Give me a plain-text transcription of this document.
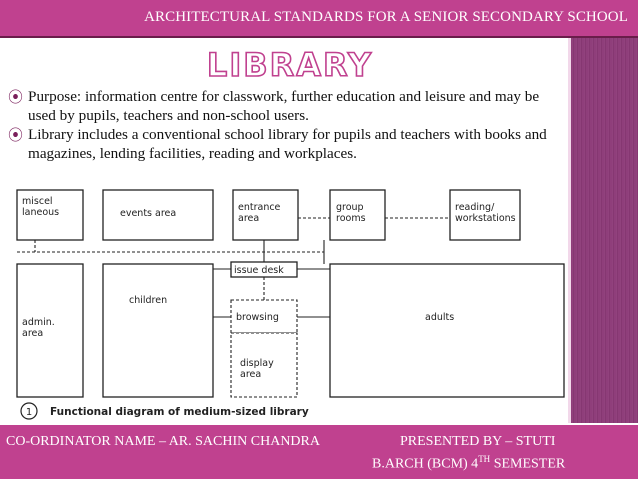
ARCHITECTURAL STANDARDS FOR A SENIOR SECONDARY SCHOOL
LIBRARY
⦿ Purpose: information centre for classwork, further education and leisure and may be used by pupils, teachers and non-school users.
⦿ Library includes a conventional school library for pupils and teachers with books and magazines, lending facilities, reading and workplaces.
miscel
laneous	events area
entrance
area
group
rooms
reading/
workstations
issue desk
children
browsing	adults
admin.
area
display
area
1 Functional diagram of medium-sized library
CO-ORDINATOR NAME – AR. SACHIN CHANDRA	PRESENTED BY – STUTI
B.ARCH (BCM) 4TH SEMESTER
